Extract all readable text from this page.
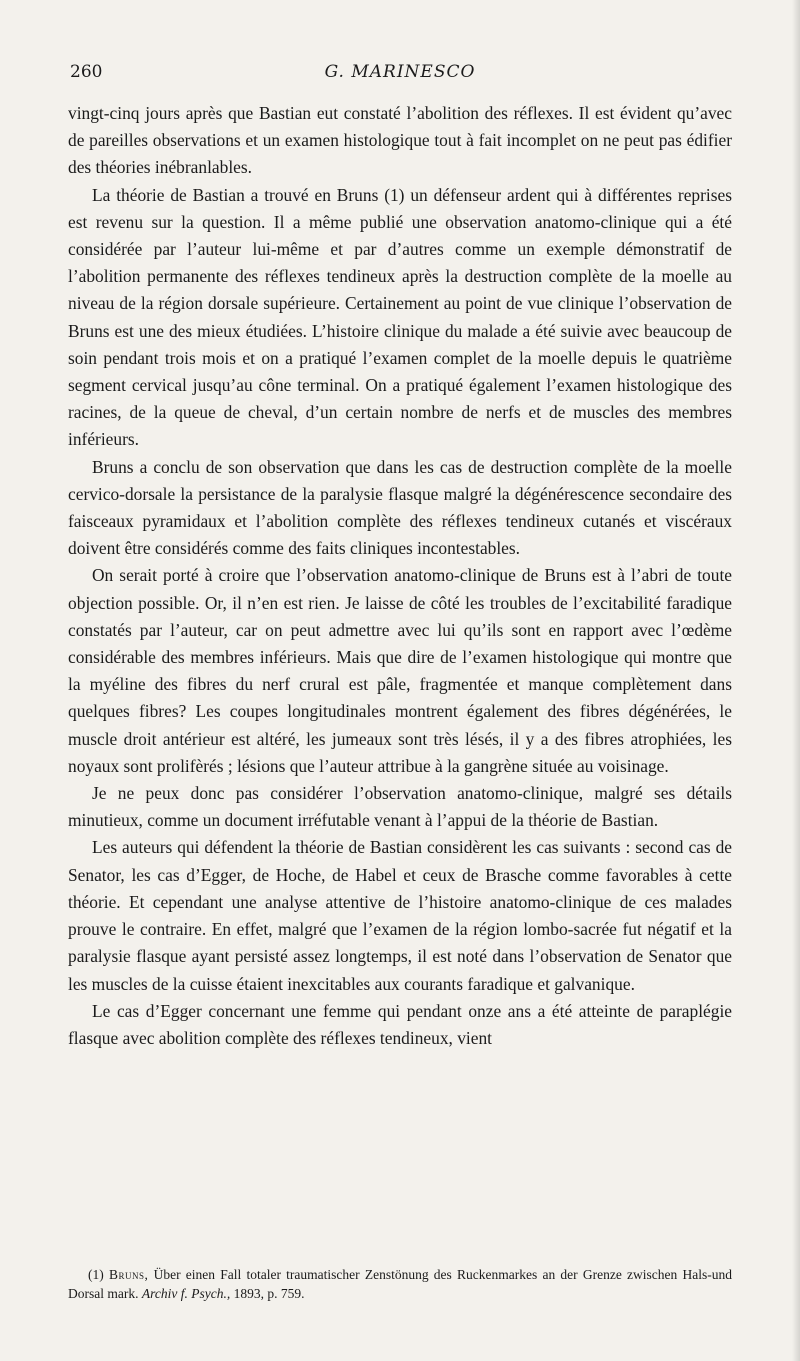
260	G. MARINESCO

vingt-cinq jours après que Bastian eut constaté l’abolition des réflexes. Il est évident qu’avec de pareilles observations et un examen histologique tout à fait incomplet on ne peut pas édifier des théories inébranlables.

La théorie de Bastian a trouvé en Bruns (1) un défenseur ardent qui à différentes reprises est revenu sur la question. Il a même publié une observation anatomo-clinique qui a été considérée par l’auteur lui-même et par d’autres comme un exemple démonstratif de l’abolition permanente des réflexes tendineux après la destruction complète de la moelle au niveau de la région dorsale supérieure. Certainement au point de vue clinique l’observation de Bruns est une des mieux étudiées. L’histoire clinique du malade a été suivie avec beaucoup de soin pendant trois mois et on a pratiqué l’examen complet de la moelle depuis le quatrième segment cervical jusqu’au cône terminal. On a pratiqué également l’examen histologique des racines, de la queue de cheval, d’un certain nombre de nerfs et de muscles des membres inférieurs.

Bruns a conclu de son observation que dans les cas de destruction complète de la moelle cervico-dorsale la persistance de la paralysie flasque malgré la dégénérescence secondaire des faisceaux pyramidaux et l’abolition complète des réflexes tendineux cutanés et viscéraux doivent être considérés comme des faits cliniques incontestables.

On serait porté à croire que l’observation anatomo-clinique de Bruns est à l’abri de toute objection possible. Or, il n’en est rien. Je laisse de côté les troubles de l’excitabilité faradique constatés par l’auteur, car on peut admettre avec lui qu’ils sont en rapport avec l’œdème considérable des membres inférieurs. Mais que dire de l’examen histologique qui montre que la myéline des fibres du nerf crural est pâle, fragmentée et manque complètement dans quelques fibres? Les coupes longitudinales montrent également des fibres dégénérées, le muscle droit antérieur est altéré, les jumeaux sont très lésés, il y a des fibres atrophiées, les noyaux sont prolifèrés ; lésions que l’auteur attribue à la gangrène située au voisinage.

Je ne peux donc pas considérer l’observation anatomo-clinique, malgré ses détails minutieux, comme un document irréfutable venant à l’appui de la théorie de Bastian.

Les auteurs qui défendent la théorie de Bastian considèrent les cas suivants : second cas de Senator, les cas d’Egger, de Hoche, de Habel et ceux de Brasche comme favorables à cette théorie. Et cependant une analyse attentive de l’histoire anatomo-clinique de ces malades prouve le contraire. En effet, malgré que l’examen de la région lombo-sacrée fut négatif et la paralysie flasque ayant persisté assez longtemps, il est noté dans l’observation de Senator que les muscles de la cuisse étaient inexcitables aux courants faradique et galvanique.

Le cas d’Egger concernant une femme qui pendant onze ans a été atteinte de paraplégie flasque avec abolition complète des réflexes tendineux, vient

(1) Bruns, Über einen Fall totaler traumatischer Zenstönung des Ruckenmarkes an der Grenze zwischen Hals-und Dorsal mark. Archiv f. Psych., 1893, p. 759.
